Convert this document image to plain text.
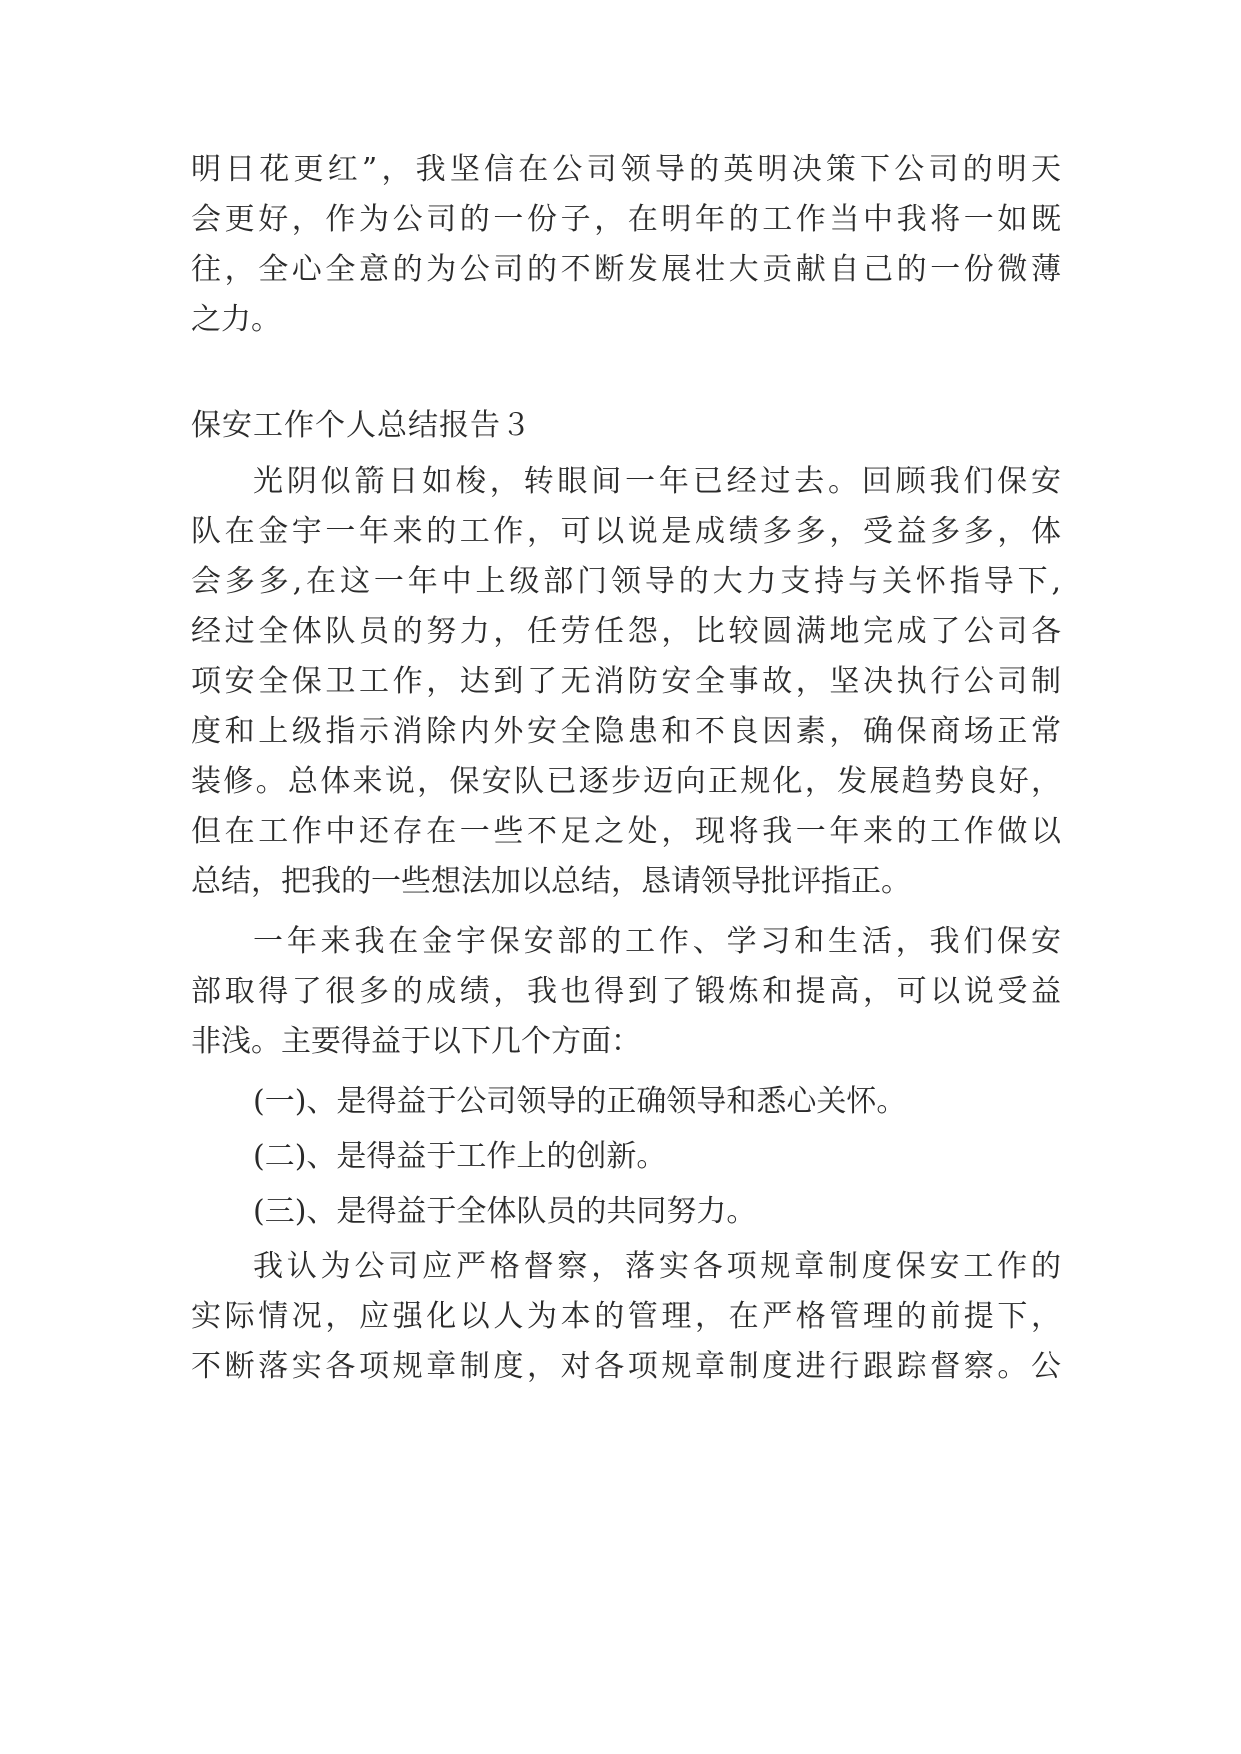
明日花更红”，我坚信在公司领导的英明决策下公司的明天
会更好，作为公司的一份子，在明年的工作当中我将一如既
往，全心全意的为公司的不断发展壮大贡献自己的一份微薄
之力。
保安工作个人总结报告３
光阴似箭日如梭，转眼间一年已经过去。回顾我们保安
队在金宇一年来的工作，可以说是成绩多多，受益多多，体
会多多,在这一年中上级部门领导的大力支持与关怀指导下,
经过全体队员的努力，任劳任怨，比较圆满地完成了公司各
项安全保卫工作，达到了无消防安全事故，坚决执行公司制
度和上级指示消除内外安全隐患和不良因素，确保商场正常
装修。总体来说，保安队已逐步迈向正规化，发展趋势良好，
但在工作中还存在一些不足之处，现将我一年来的工作做以
总结，把我的一些想法加以总结，恳请领导批评指正。
一年来我在金宇保安部的工作、学习和生活，我们保安
部取得了很多的成绩，我也得到了锻炼和提高，可以说受益
非浅。主要得益于以下几个方面：
(一)、是得益于公司领导的正确领导和悉心关怀。
(二)、是得益于工作上的创新。
(三)、是得益于全体队员的共同努力。
我认为公司应严格督察，落实各项规章制度保安工作的
实际情况，应强化以人为本的管理，在严格管理的前提下，
不断落实各项规章制度，对各项规章制度进行跟踪督察。公
